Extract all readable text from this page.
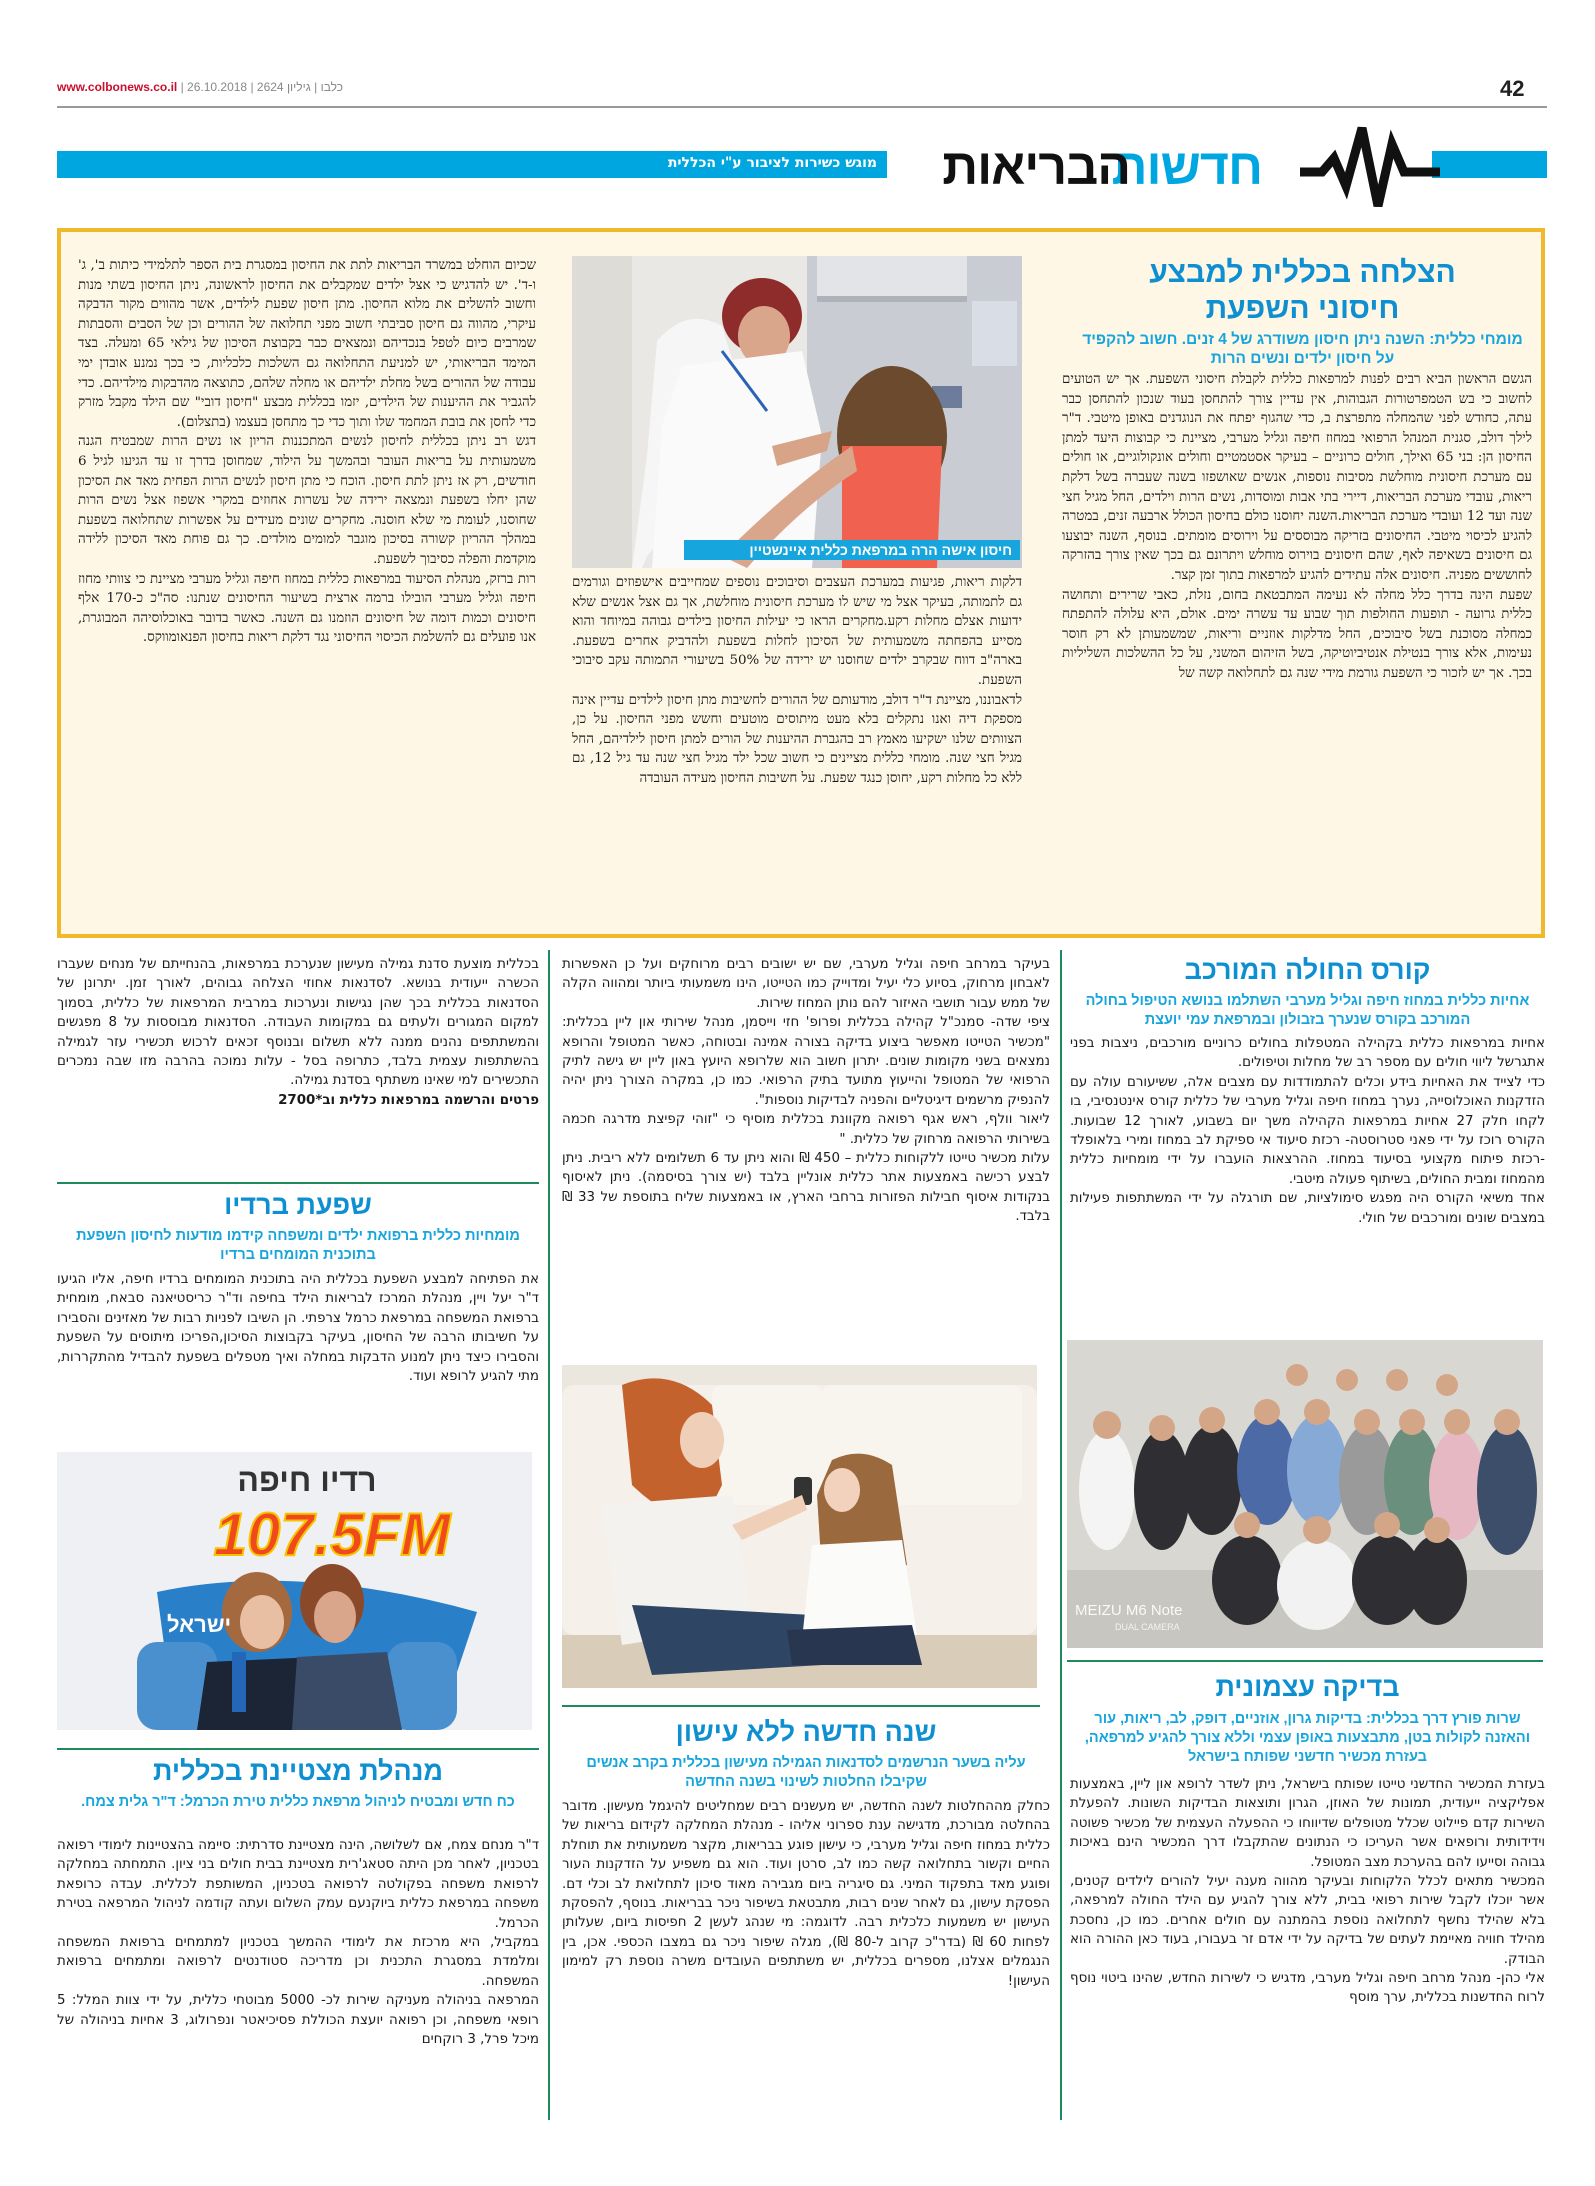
www.colbonews.co.il | כלבו | גיליון 2624 | 26.10.2018	42
מוגש כשירות לציבור ע"י הכללית	חדשות
הבריאות
הצלחה בכללית למבצע
חיסוני השפעת
מומחי כללית: השנה ניתן חיסון משודרג של 4 זנים. חשוב להקפיד על חיסון ילדים ונשים הרות

הגשם הראשון הביא רבים לפנות למרפאות כללית לקבלת חיסוני השפעת. אך יש הטועים לחשוב כי בש הטמפרטורות הגבוהות, אין עדיין צורך להתחסן בעוד שנכון להתחסן כבר עתה, כחודש לפני שהמחלה מתפרצת ב, כדי שהגוף יפתח את הנוגדנים באופן מיטבי. ד"ר לילך דולב, סגנית המנהל הרפואי במחוז חיפה וגליל מערבי, מציינת כי קבוצות היעד למתן החיסון הן: בני 65 ואילך, חולים כרוניים – בעיקר אסטמטיים וחולים אונקולוגיים, או חולים עם מערכת חיסונית מוחלשת מסיבות נוספות, אנשים שאושפזו בשנה שעברה בשל דלקת ריאות, עובדי מערכת הבריאות, דיירי בתי אבות ומוסדות, נשים הרות וילדים, החל מגיל חצי שנה ועד 12 ועובדי מערכת הבריאות.השנה יחוסנו כולם בחיסון הכולל ארבעה זנים, במטרה להגיע לכיסוי מיטבי. החיסונים בזריקה מבוססים על וירוסים מומתים. בנוסף, השנה יבוצעו גם חיסונים בשאיפה לאף, שהם חיסונים בוירוס מוחלש ויתרונם גם בכך שאין צורך בהזרקה לחוששים מפניה. חיסונים אלה עתידים להגיע למרפאות בתוך זמן קצר.

שפעת הינה בדרך כלל מחלה לא נעימה המתבטאת בחום, נזלת, כאבי שרירים ותחושה כללית גרועה - תופעות החולפות תוך שבוע עד עשרה ימים. אולם, היא עלולה להתפתח כמחלה מסוכנת בשל סיבוכים, החל מדלקות אוזניים וריאות, שמשמעותן לא רק חוסר נעימות, אלא צורך בנטילת אנטיביוטיקה, בשל הזיהום המשני, על כל ההשלכות השליליות בכך. אך יש לזכור כי השפעת גורמת מידי שנה גם לתחלואה קשה של

חיסון אישה הרה במרפאת כללית איינשטיין

דלקות ריאות, פגיעות במערכת העצבים וסיבוכים נוספים שמחייבים אישפוזים וגורמים גם לתמותה, בעיקר אצל מי שיש לו מערכת חיסונית מוחלשת, אך גם אצל אנשים שלא ידועות אצלם מחלות רקע.מחקרים הראו כי יעילות החיסון בילדים גבוהה במיוחד והוא מסייע בהפחתה משמעותית של הסיכון לחלות בשפעת ולהדביק אחרים בשפעת. בארה"ב דווח שבקרב ילדים שחוסנו יש ירידה של 50% בשיעורי התמותה עקב סיבוכי השפעת.

לדאבוננו, מציינת ד"ר דולב, מודעותם של ההורים לחשיבות מתן חיסון לילדים עדיין אינה מספקת דיה ואנו נתקלים בלא מעט מיתוסים מוטעים וחשש מפני החיסון. על כן, הצוותים שלנו ישקיעו מאמץ רב בהגברת ההיענות של הורים למתן חיסון לילדיהם, החל מגיל חצי שנה. מומחי כללית מציינים כי חשוב שכל ילד מגיל חצי שנה עד גיל 12, גם ללא כל מחלות רקע, יחוסן כנגד שפעת. על חשיבות החיסון מעידה העובדה

שכיום הוחלט במשרד הבריאות לתת את החיסון במסגרת בית הספר לתלמידי כיתות ב', ג' ו-ד'. יש להדגיש כי אצל ילדים שמקבלים את החיסון לראשונה, ניתן החיסון בשתי מנות וחשוב להשלים את מלוא החיסון. מתן חיסון שפעת לילדים, אשר מהווים מקור הדבקה עיקרי, מהווה גם חיסון סביבתי חשוב מפני תחלואה של ההורים וכן של הסבים והסבתות שמרבים כיום לטפל בנכדיהם ונמצאים כבר בקבוצת הסיכון של גילאי 65 ומעלה. בצד המימד הבריאותי, יש למניעת התחלואה גם השלכות כלכליות, כי בכך נמנע אובדן ימי עבודה של ההורים בשל מחלת ילדיהם או מחלה שלהם, כתוצאה מהדבקות מילדיהם. כדי להגביר את ההיענות של הילדים, יזמו בכללית מבצע "חיסון דובי" שם הילד מקבל מזרק כדי לחסן את בובת המחמד שלו ותוך כדי כך מתחסן בעצמו (בתצלום).

דגש רב ניתן בכללית לחיסון לנשים המתכננות הריון או נשים הרות שמבטיח הגנה משמעותית על בריאות העובר ובהמשך על הילוד, שמחוסן בדרך זו עד הגיעו לגיל 6 חודשים, רק אז ניתן לתת חיסון. הוכח כי מתן חיסון לנשים הרות הפחית מאד את הסיכון שהן יחלו בשפעת ונמצאה ירידה של עשרות אחוזים במקרי אשפוז אצל נשים הרות שחוסנו, לעומת מי שלא חוסנה. מחקרים שונים מעידים על אפשרות שתחלואה בשפעת במהלך ההריון קשורה בסיכון מוגבר למומים מולדים. כך גם פוחת מאד הסיכון ללידה מוקדמת והפלה כסיבוך לשפעת.

רות ברזק, מנהלת הסיעוד במרפאות כללית במחוז חיפה וגליל מערבי מציינת כי צוותי מחוז חיפה וגליל מערבי הובילו ברמה ארצית בשיעור החיסונים שנתנו: סה"כ כ-170 אלף חיסונים וכמות דומה של חיסונים הוזמנו גם השנה. כאשר בדובר באוכלוסיהה המבוגרת, אנו פועלים גם להשלמת הכיסוי החיסוני נגד דלקת ריאות בחיסון הפנאומווקס.

קורס החולה המורכב
אחיות כללית במחוז חיפה וגליל מערבי השתלמו בנושא הטיפול בחולה המורכב בקורס שנערך בזבולון ובמרפאת עמי יועצת

אחיות במרפאות כללית בקהילה המטפלות בחולים כרוניים מורכבים, ניצבות בפני אתגרשל ליווי חולים עם מספר רב של מחלות וטיפולים.

כדי לצייד את האחיות בידע וכלים להתמודדות עם מצבים אלה, ששיעורם עולה עם הזדקנות האוכלוסייה, נערך במחוז חיפה וגליל מערבי של כללית קורס אינטנסיבי, בו לקחו חלק 27 אחיות במרפאות הקהילה משך יום בשבוע, לאורך 12 שבועות. הקורס רוכז על ידי פאני סטרוסטה- רכזת סיעוד אי ספיקת לב במחוז ומירי בלאופלד -רכזת פיתוח מקצועי בסיעוד במחוז. ההרצאות הועברו על ידי מומחיות כללית מהמחוז ומבית החולים, בשיתוף פעולה מיטבי.

אחד משיאי הקורס היה מפגש סימולציות, שם תורגלה על ידי המשתתפות פעילות במצבים שונים ומורכבים של חולי.

MEIZU M6 Note
DUAL CAMERA
בדיקה עצמונית
שרות פורץ דרך בכללית: בדיקות גרון, אוזניים, דופק, לב, ריאות, עור והאזנה לקולות בטן, מתבצעות באופן עצמי וללא צורך להגיע למרפאה, בעזרת מכשיר חדשני שפותח בישראל

בעזרת המכשיר החדשני טייטו שפותח בישראל, ניתן לשדר לרופא און ליין, באמצעות אפליקציה ייעודית, תמונות של האוזן, הגרון ותוצאות הבדיקות השונות. להפעלת השירות קדם פיילוט שכלל מטופלים שדיווחו כי ההפעלה העצמית של מכשיר פשוטה וידידותית ורופאים אשר העריכו כי הנתונים שהתקבלו דרך המכשיר הינם באיכות גבוהה וסייעו להם בהערכת מצב המטופל.

המכשיר מתאים לכלל הלקוחות ובעיקר מהווה מענה יעיל להורים לילדים קטנים, אשר יוכלו לקבל שירות רפואי בבית, ללא צורך להגיע עם הילד החולה למרפאה, בלא שהילד נחשף לתחלואה נוספת בהמתנה עם חולים אחרים. כמו כן, נחסכת מהילד חוויה מאיימת לעתים של בדיקה על ידי אדם זר בעבורו, בעוד כאן ההורה הוא הבודק.

אלי כהן- מנהל מרחב חיפה וגליל מערבי, מדגיש כי לשירות החדש, שהינו ביטוי נוסף לרוח החדשנות בכללית, ערך מוסף

בעיקר במרחב חיפה וגליל מערבי, שם יש ישובים רבים מרוחקים ועל כן האפשרות לאבחון מרחוק, בסיוע כלי יעיל ומדוייק כמו הטייטו, הינו משמעותי ביותר ומהווה הקלה של ממש עבור תושבי האיזור להם נותן המחוז שירות.

ציפי שדה- סמנכ"ל קהילה בכללית ופרופ' חזי וייסמן, מנהל שירותי און ליין בכללית: "מכשיר הטייטו מאפשר ביצוע בדיקה בצורה אמינה ובטוחה, כאשר המטופל והרופא נמצאים בשני מקומות שונים. יתרון חשוב הוא שלרופא היועץ באון ליין יש גישה לתיק הרפואי של המטופל והייעוץ מתועד בתיק הרפואי. כמו כן, במקרה הצורך ניתן יהיה להנפיק מרשמים דיגיטליים והפניה לבדיקות נוספות".

ליאור וולף, ראש אגף רפואה מקוונת בכללית מוסיף כי "זוהי קפיצת מדרגה חכמה בשירותי הרפואה מרחוק של כללית. "

עלות מכשיר טייטו ללקוחות כללית – 450 ₪ והוא ניתן עד 6 תשלומים ללא ריבית. ניתן לבצע רכישה באמצעות אתר כללית אונליין בלבד (יש צורך בסיסמה). ניתן לאיסוף בנקודות איסוף חבילות הפזורות ברחבי הארץ, או באמצעות שליח בתוספת של 33 ₪ בלבד.

שנה חדשה ללא עישון
עליה בשער הנרשמים לסדנאות הגמילה מעישון בכללית בקרב אנשים שקיבלו החלטות לשינוי בשנה החדשה

כחלק מההחלטות לשנה החדשה, יש מעשנים רבים שמחליטים להיגמל מעישון. מדובר בהחלטה מבורכת, מדגישה ענת ספרוני אליהו - מנהלת המחלקה לקידום בריאות של כללית במחוז חיפה וגליל מערבי, כי עישון פוגע בבריאות, מקצר משמעותית את תוחלת החיים וקשור בתחלואה קשה כמו לב, סרטן ועוד. הוא גם משפיע על הזדקנות העור ופוגע מאד בתפקוד המיני. גם סיגריה ביום מגבירה מאוד סיכון לתחלואת לב וכלי דם. הפסקת עישון, גם לאחר שנים רבות, מתבטאת בשיפור ניכר בבריאות. בנוסף, להפסקת העישון יש משמעות כלכלית רבה. לדוגמה: מי שנהג לעשן 2 חפיסות ביום, שעלותן לפחות 60 ₪ (בדר"כ קרוב ל-80 ₪), מגלה שיפור ניכר גם במצבו הכספי. אכן, בין הנגמלים אצלנו, מספרים בכללית, יש משתתפים העובדים משרה נוספת רק למימון העישון!

בכללית מוצעת סדנת גמילה מעישון שנערכת במרפאות, בהנחייתם של מנחים שעברו הכשרה ייעודית בנושא. לסדנאות אחוזי הצלחה גבוהים, לאורך זמן. יתרונן של הסדנאות בכללית בכך שהן נגישות ונערכות במרבית המרפאות של כללית, בסמוך למקום המגורים ולעתים גם במקומות העבודה. הסדנאות מבוססות על 8 מפגשים והמשתתפים נהנים ממנה ללא תשלום ובנוסף זכאים לרכוש תכשירי עזר לגמילה בהשתתפות עצמית בלבד, כתרופה בסל - עלות נמוכה בהרבה מזו שבה נמכרים התכשירים למי שאינו משתתף בסדנת גמילה.

פרטים והרשמה במרפאות כללית וב*2700

שפעת ברדיו
מומחיות כללית ברפואת ילדים ומשפחה קידמו מודעות לחיסון השפעת בתוכנית המומחים ברדיו

את הפתיחה למבצע השפעת בכללית היה בתוכנית המומחים ברדיו חיפה, אליו הגיעו ד"ר יעל ויין, מנהלת המרכז לבריאות הילד בחיפה וד"ר כריסטיאנה סבאח, מומחית ברפואת המשפחה במרפאת כרמל צרפתי. הן השיבו לפניות רבות של מאזינים והסבירו על חשיבותו הרבה של החיסון, בעיקר בקבוצות הסיכון,הפריכו מיתוסים על השפעת והסבירו כיצד ניתן למנוע הדבקות במחלה ואיך מטפלים בשפעת להבדיל מהתקררות, מתי להגיע לרופא ועוד.

רדיו חיפה
107.5FM
ישראל
מנהלת מצטיינת בכללית
כח חדש ומבטיח לניהול מרפאת כללית טירת הכרמל: ד"ר גלית צמח.

ד"ר מנחם צמח, אם לשלושה, הינה מצטיינת סדרתית: סיימה בהצטיינות לימודי רפואה בטכניון, לאחר מכן היתה סטאג'רית מצטיינת בבית חולים בני ציון. התמחתה במחלקה לרפואת משפחה בפקולטה לרפואה בטכניון, המשותפת לכללית. עבדה כרופאת משפחה במרפאת כללית ביוקנעם עמק השלום ועתה קודמה לניהול המרפאה בטירת הכרמל.

במקביל, היא מרכזת את לימודי ההמשך בטכניון למתמחים ברפואת המשפחה ומלמדת במסגרת התכנית וכן מדריכה סטודנטים לרפואה ומתמחים ברפואת המשפחה.

המרפאה בניהולה מעניקה שירות לכ- 5000 מבוטחי כללית, על ידי צוות המלל: 5 רופאי משפחה, וכן רפואה יועצת הכוללת פסיכיאטר ונפרולוג, 3 אחיות בניהולה של מיכל פרל, 3 רוקחים
